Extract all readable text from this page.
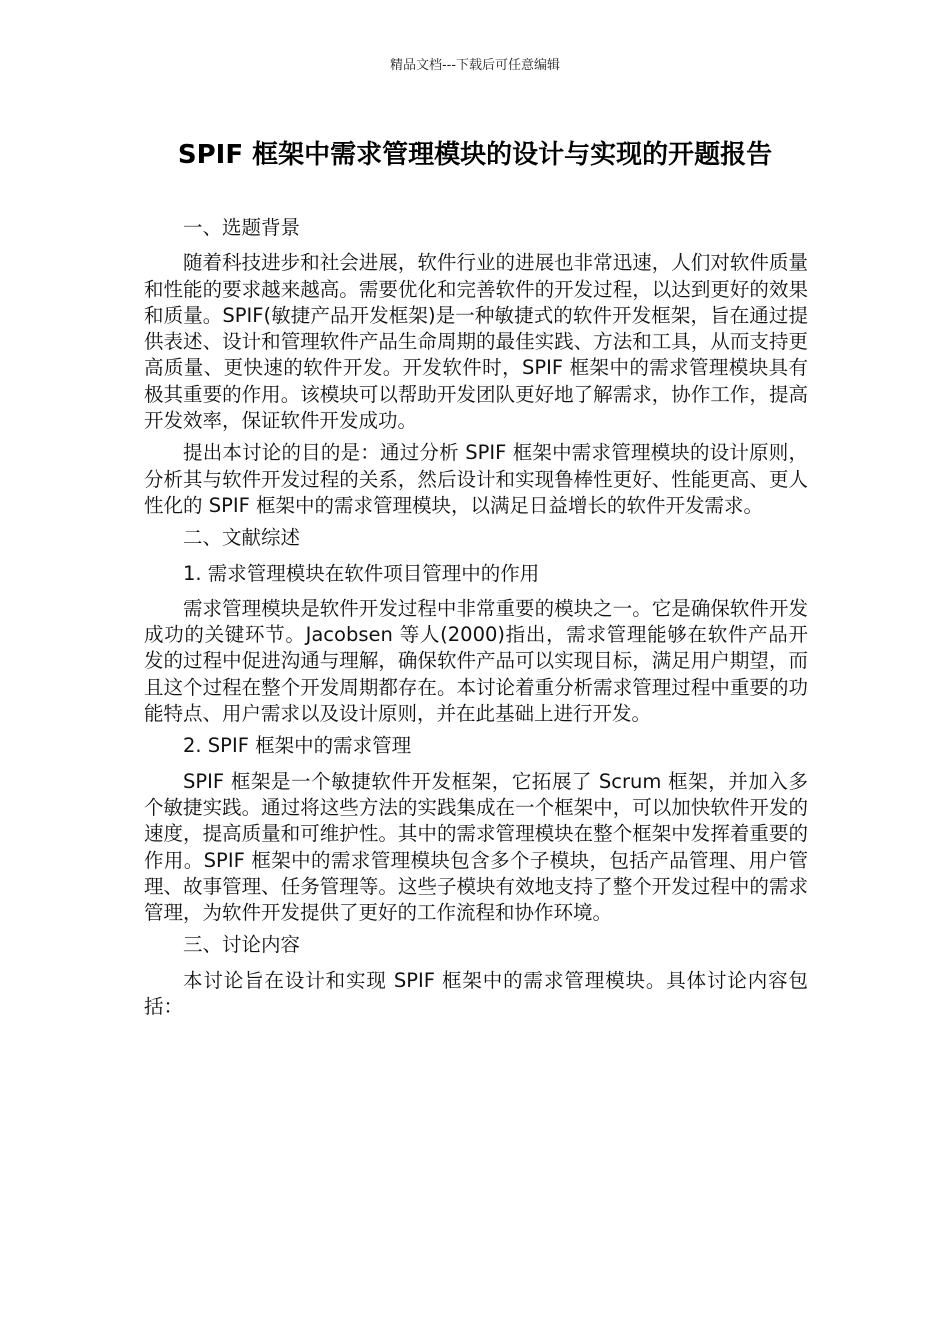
精品文档---下载后可任意编辑
SPIF 框架中需求管理模块的设计与实现的开题报告

一、选题背景

随着科技进步和社会进展，软件行业的进展也非常迅速，人们对软件质量和性能的要求越来越高。需要优化和完善软件的开发过程，以达到更好的效果和质量。SPIF(敏捷产品开发框架)是一种敏捷式的软件开发框架，旨在通过提供表述、设计和管理软件产品生命周期的最佳实践、方法和工具，从而支持更高质量、更快速的软件开发。开发软件时，SPIF 框架中的需求管理模块具有极其重要的作用。该模块可以帮助开发团队更好地了解需求，协作工作，提高开发效率，保证软件开发成功。

提出本讨论的目的是：通过分析 SPIF 框架中需求管理模块的设计原则，分析其与软件开发过程的关系，然后设计和实现鲁棒性更好、性能更高、更人性化的 SPIF 框架中的需求管理模块，以满足日益增长的软件开发需求。

二、文献综述

1. 需求管理模块在软件项目管理中的作用

需求管理模块是软件开发过程中非常重要的模块之一。它是确保软件开发成功的关键环节。Jacobsen 等人(2000)指出，需求管理能够在软件产品开发的过程中促进沟通与理解，确保软件产品可以实现目标，满足用户期望，而且这个过程在整个开发周期都存在。本讨论着重分析需求管理过程中重要的功能特点、用户需求以及设计原则，并在此基础上进行开发。

2. SPIF 框架中的需求管理

SPIF 框架是一个敏捷软件开发框架，它拓展了 Scrum 框架，并加入多个敏捷实践。通过将这些方法的实践集成在一个框架中，可以加快软件开发的速度，提高质量和可维护性。其中的需求管理模块在整个框架中发挥着重要的作用。SPIF 框架中的需求管理模块包含多个子模块，包括产品管理、用户管理、故事管理、任务管理等。这些子模块有效地支持了整个开发过程中的需求管理，为软件开发提供了更好的工作流程和协作环境。

三、讨论内容

本讨论旨在设计和实现 SPIF 框架中的需求管理模块。具体讨论内容包括：
